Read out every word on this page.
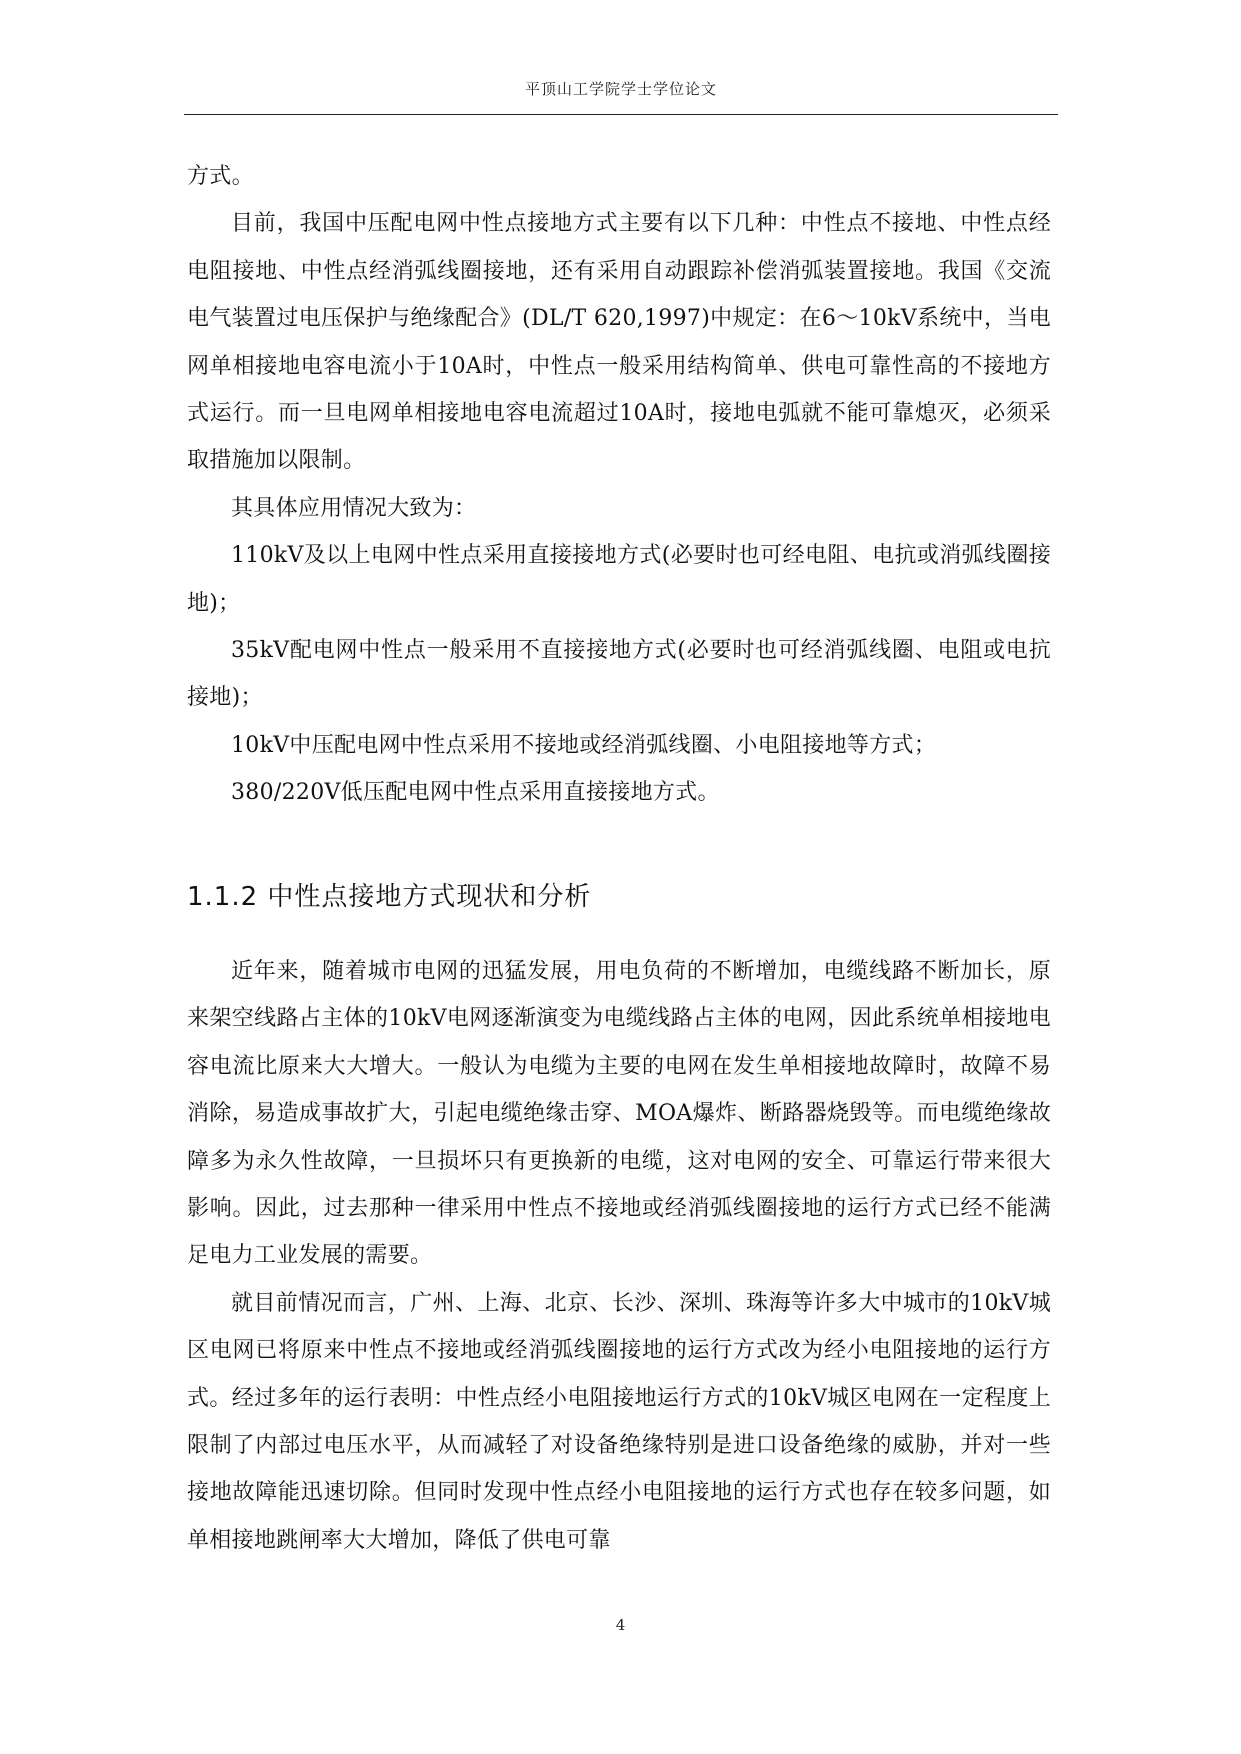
平顶山工学院学士学位论文

方式。

目前，我国中压配电网中性点接地方式主要有以下几种：中性点不接地、中性点经电阻接地、中性点经消弧线圈接地，还有采用自动跟踪补偿消弧装置接地。我国《交流电气装置过电压保护与绝缘配合》(DL/T 620,1997)中规定：在6～10kV系统中，当电网单相接地电容电流小于10A时，中性点一般采用结构简单、供电可靠性高的不接地方式运行。而一旦电网单相接地电容电流超过10A时，接地电弧就不能可靠熄灭，必须采取措施加以限制。

其具体应用情况大致为：

110kV及以上电网中性点采用直接接地方式(必要时也可经电阻、电抗或消弧线圈接地)；

35kV配电网中性点一般采用不直接接地方式(必要时也可经消弧线圈、电阻或电抗接地)；

10kV中压配电网中性点采用不接地或经消弧线圈、小电阻接地等方式；

380/220V低压配电网中性点采用直接接地方式。

1.1.2 中性点接地方式现状和分析

近年来，随着城市电网的迅猛发展，用电负荷的不断增加，电缆线路不断加长，原来架空线路占主体的10kV电网逐渐演变为电缆线路占主体的电网，因此系统单相接地电容电流比原来大大增大。一般认为电缆为主要的电网在发生单相接地故障时，故障不易消除，易造成事故扩大，引起电缆绝缘击穿、MOA爆炸、断路器烧毁等。而电缆绝缘故障多为永久性故障，一旦损坏只有更换新的电缆，这对电网的安全、可靠运行带来很大影响。因此，过去那种一律采用中性点不接地或经消弧线圈接地的运行方式已经不能满足电力工业发展的需要。

就目前情况而言，广州、上海、北京、长沙、深圳、珠海等许多大中城市的10kV城区电网已将原来中性点不接地或经消弧线圈接地的运行方式改为经小电阻接地的运行方式。经过多年的运行表明：中性点经小电阻接地运行方式的10kV城区电网在一定程度上限制了内部过电压水平，从而减轻了对设备绝缘特别是进口设备绝缘的威胁，并对一些接地故障能迅速切除。但同时发现中性点经小电阻接地的运行方式也存在较多问题，如单相接地跳闸率大大增加，降低了供电可靠

4
